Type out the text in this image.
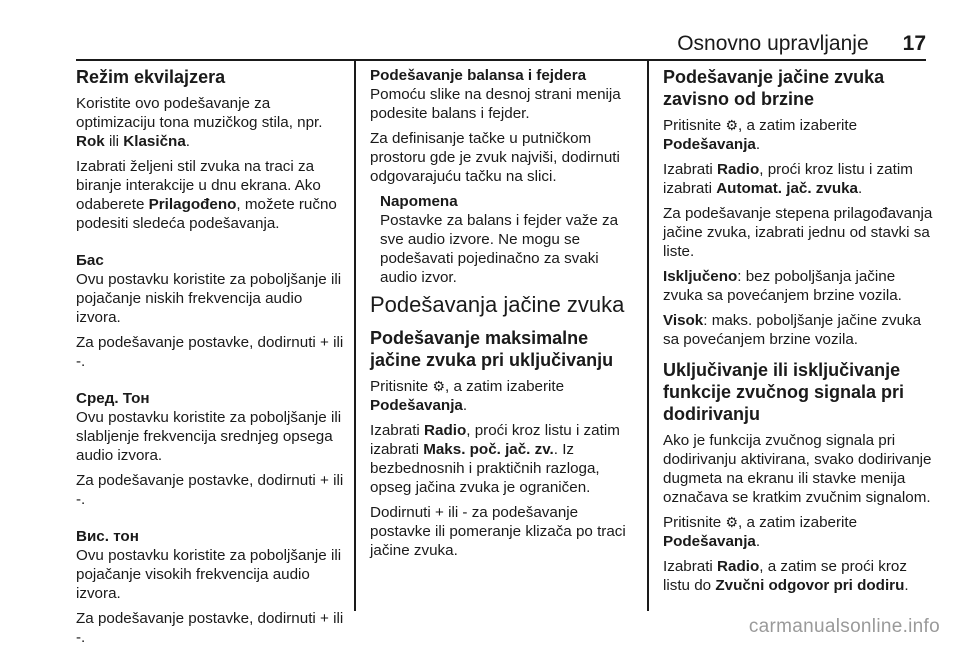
Osnovno upravljanje 17
Režim ekvilajzera

Koristite ovo podešavanje za optimizaciju tona muzičkog stila, npr. Rok ili Klasična.

Izabrati željeni stil zvuka na traci za biranje interakcije u dnu ekrana. Ako odaberete Prilagođeno, možete ručno podesiti sledeća podešavanja.

Бас

Ovu postavku koristite za poboljšanje ili pojačanje niskih frekvencija audio izvora.

Za podešavanje postavke, dodirnuti + ili -.

Сред. Тон

Ovu postavku koristite za poboljšanje ili slabljenje frekvencija srednjeg opsega audio izvora.

Za podešavanje postavke, dodirnuti + ili -.

Вис. тон

Ovu postavku koristite za poboljšanje ili pojačanje visokih frekvencija audio izvora.

Za podešavanje postavke, dodirnuti + ili -.

Podešavanje balansa i fejdera

Pomoću slike na desnoj strani menija podesite balans i fejder.

Za definisanje tačke u putničkom prostoru gde je zvuk najviši, dodirnuti odgovarajuću tačku na slici.

Napomena

Postavke za balans i fejder važe za sve audio izvore. Ne mogu se podešavati pojedinačno za svaki audio izvor.

Podešavanja jačine zvuka
Podešavanje maksimalne jačine zvuka pri uključivanju

Pritisnite ⚙, a zatim izaberite Podešavanja.

Izabrati Radio, proći kroz listu i zatim izabrati Maks. poč. jač. zv.. Iz bezbednosnih i praktičnih razloga, opseg jačina zvuka je ograničen.

Dodirnuti + ili - za podešavanje postavke ili pomeranje klizača po traci jačine zvuka.

Podešavanje jačine zvuka zavisno od brzine

Pritisnite ⚙, a zatim izaberite Podešavanja.

Izabrati Radio, proći kroz listu i zatim izabrati Automat. jač. zvuka.

Za podešavanje stepena prilagođavanja jačine zvuka, izabrati jednu od stavki sa liste.

Isključeno: bez poboljšanja jačine zvuka sa povećanjem brzine vozila.

Visok: maks. poboljšanje jačine zvuka sa povećanjem brzine vozila.

Uključivanje ili isključivanje funkcije zvučnog signala pri dodirivanju

Ako je funkcija zvučnog signala pri dodirivanju aktivirana, svako dodirivanje dugmeta na ekranu ili stavke menija označava se kratkim zvučnim signalom.

Pritisnite ⚙, a zatim izaberite Podešavanja.

Izabrati Radio, a zatim se proći kroz listu do Zvučni odgovor pri dodiru.

carmanualsonline.info
